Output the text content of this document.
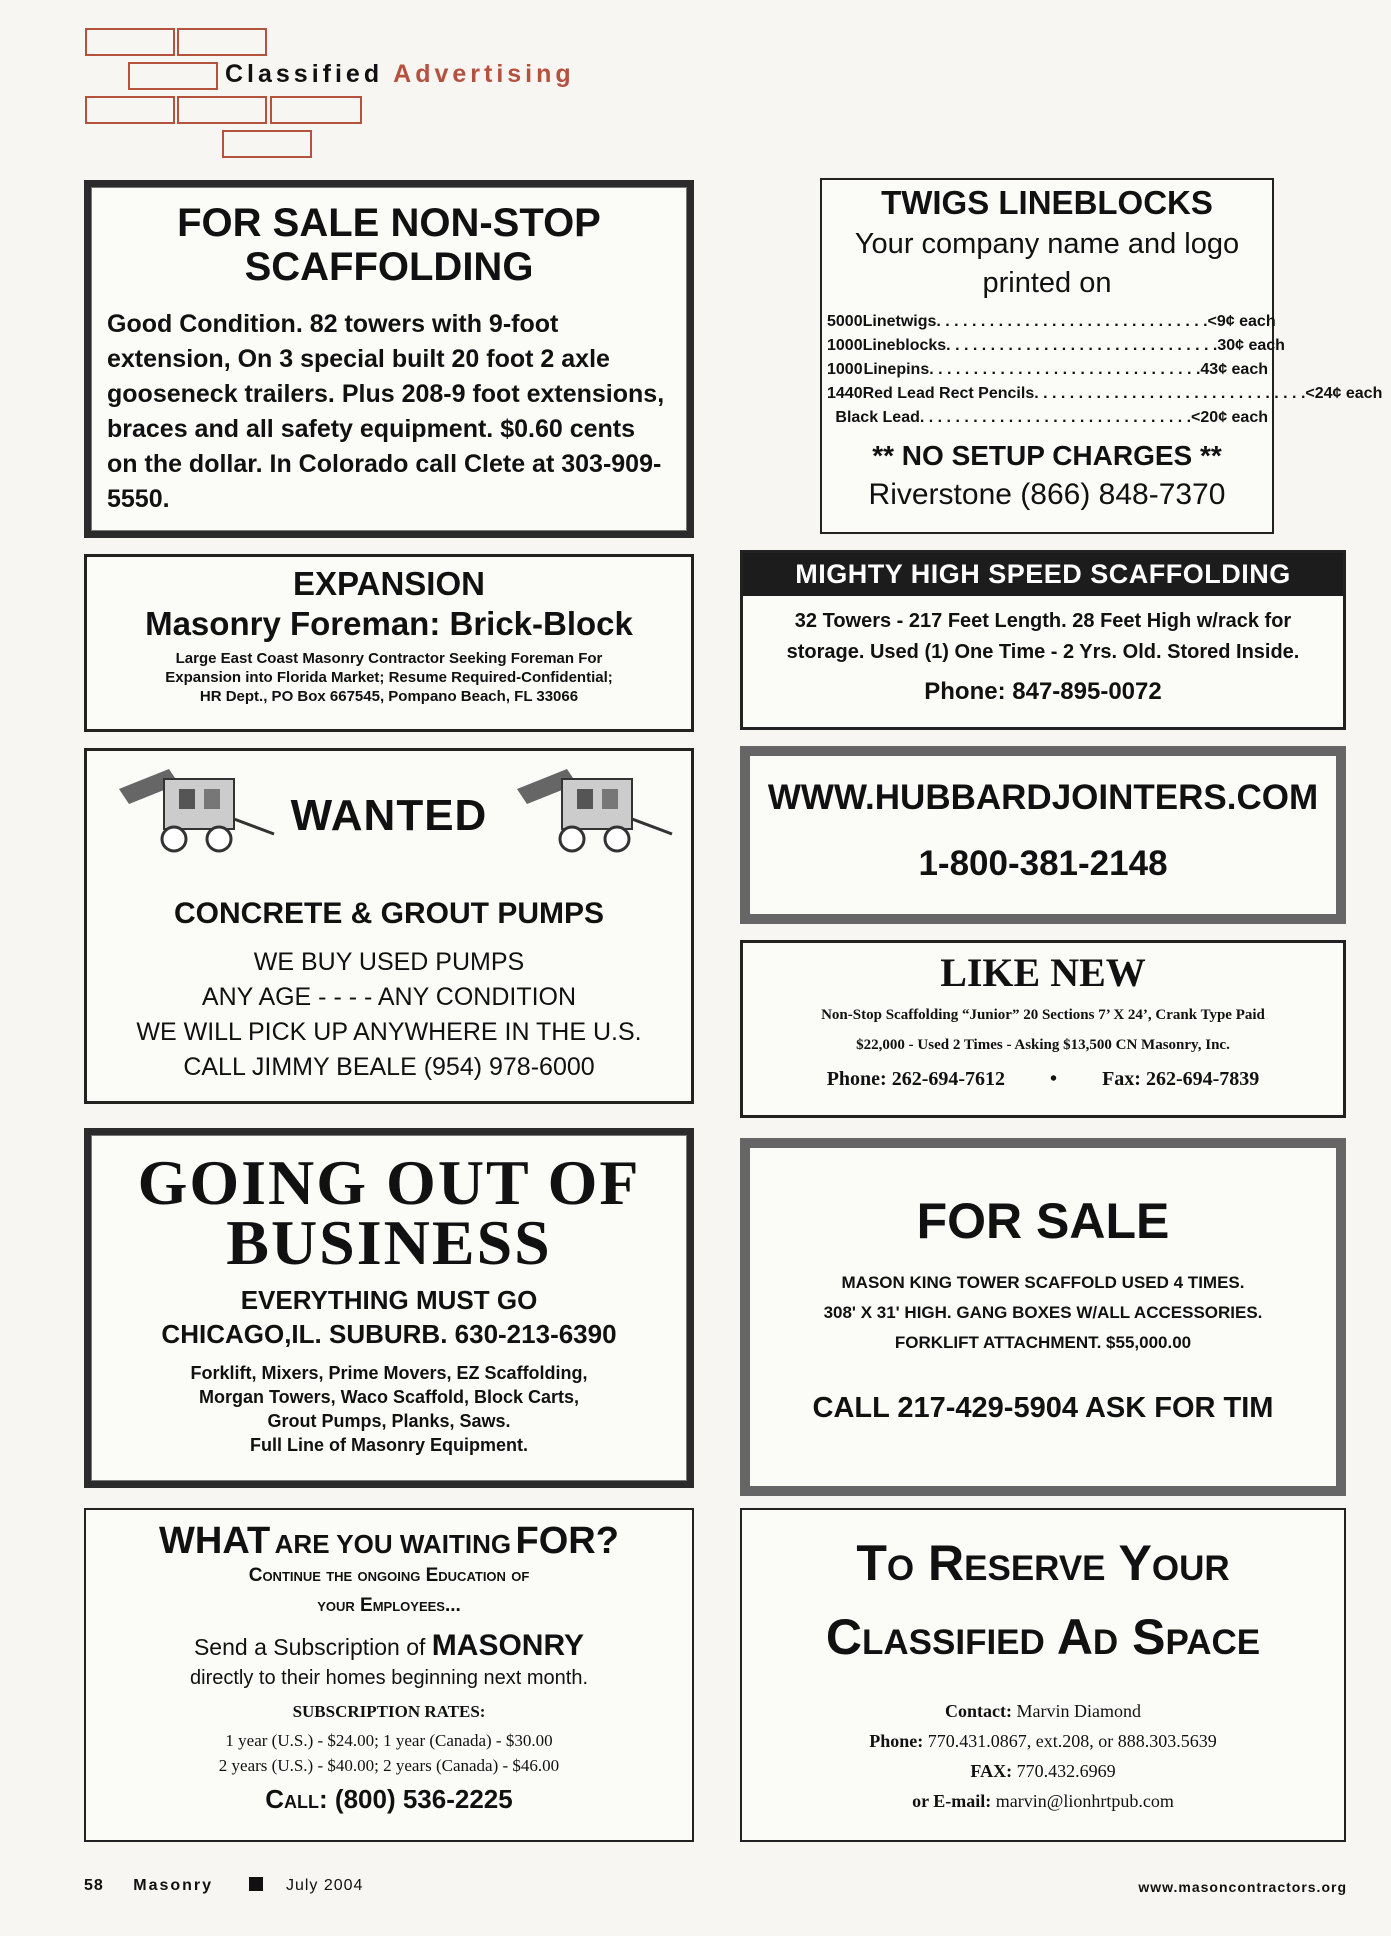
Classified Advertising
FOR SALE NON-STOP
SCAFFOLDING
Good Condition. 82 towers with 9-foot extension, On 3 special built 20 foot 2 axle gooseneck trailers. Plus 208-9 foot extensions, braces and all safety equipment. $0.60 cents on the dollar. In Colorado call Clete at 303-909-5550.
TWIGS LINEBLOCKS
Your company name and logo
printed on
5000 Linetwigs . . . . . . . . . . . . . . . . . . . . . . . . . . . . . . . <9¢ each
1000 Lineblocks . . . . . . . . . . . . . . . . . . . . . . . . . . . . . . . 30¢ each
1000 Linepins . . . . . . . . . . . . . . . . . . . . . . . . . . . . . . . 43¢ each
1440 Red Lead Rect Pencils . . . . . . . . . . . . . . . . . . . . . . . . . . . . . . . <24¢ each
Black Lead . . . . . . . . . . . . . . . . . . . . . . . . . . . . . . . <20¢ each
** NO SETUP CHARGES **
Riverstone (866) 848-7370
EXPANSION
Masonry Foreman: Brick-Block
Large East Coast Masonry Contractor Seeking Foreman For
Expansion into Florida Market; Resume Required-Confidential;
HR Dept., PO Box 667545, Pompano Beach, FL 33066
MIGHTY HIGH SPEED SCAFFOLDING
32 Towers - 217 Feet Length. 28 Feet High w/rack for
storage. Used (1) One Time - 2 Yrs. Old. Stored Inside.
Phone: 847-895-0072
WANTED
CONCRETE & GROUT PUMPS
WE BUY USED PUMPS
ANY AGE - - - - ANY CONDITION
WE WILL PICK UP ANYWHERE IN THE U.S.
CALL JIMMY BEALE (954) 978-6000
WWW.HUBBARDJOINTERS.COM
1-800-381-2148
LIKE NEW
Non-Stop Scaffolding “Junior” 20 Sections 7’ X 24’, Crank Type Paid
$22,000 - Used 2 Times - Asking $13,500 CN Masonry, Inc.
Phone: 262-694-7612 • Fax: 262-694-7839
GOING OUT OF
BUSINESS
EVERYTHING MUST GO
CHICAGO,IL. SUBURB. 630-213-6390
Forklift, Mixers, Prime Movers, EZ Scaffolding,
Morgan Towers, Waco Scaffold, Block Carts,
Grout Pumps, Planks, Saws.
Full Line of Masonry Equipment.
FOR SALE
MASON KING TOWER SCAFFOLD USED 4 TIMES.
308' X 31' HIGH. GANG BOXES W/ALL ACCESSORIES.
FORKLIFT ATTACHMENT. $55,000.00
CALL 217-429-5904 ASK FOR TIM
WHAT ARE YOU WAITING FOR?
Continue the ongoing Education of
your Employees...
Send a Subscription of MASONRY
directly to their homes beginning next month.
SUBSCRIPTION RATES:
1 year (U.S.) - $24.00; 1 year (Canada) - $30.00
2 years (U.S.) - $40.00; 2 years (Canada) - $46.00
Call: (800) 536-2225
To Reserve Your
Classified Ad Space
Contact: Marvin Diamond
Phone: 770.431.0867, ext.208, or 888.303.5639
FAX: 770.432.6969
or E-mail: marvin@lionhrtpub.com
58 Masonry	July 2004	www.masoncontractors.org
